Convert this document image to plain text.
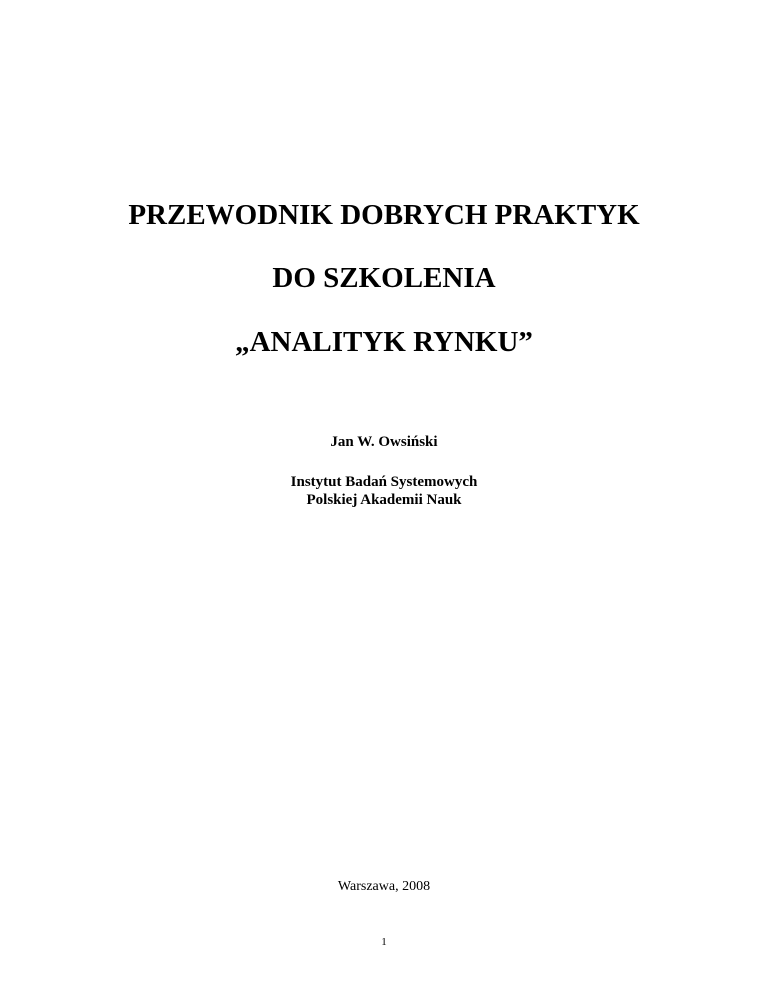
PRZEWODNIK DOBRYCH PRAKTYK
DO SZKOLENIA
„ANALITYK RYNKU”
Jan W. Owsiński
Instytut Badań Systemowych
Polskiej Akademii Nauk
Warszawa, 2008
1
